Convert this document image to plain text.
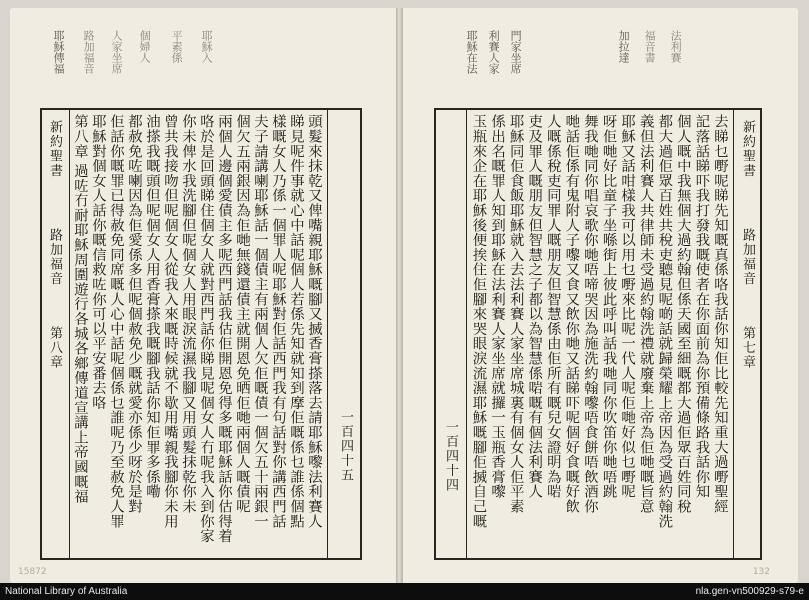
耶穌傳福 路加福音 人家坐席 個婦人 平素係 耶穌入
新約聖書
路加福音
第八章	頭髮來抹乾又俾嘴親耶穌嘅腳又搣香膏搽落去請耶穌嚟法利賽人
睇見呢件事就心中話呢個人若係先知就知到摩佢嘅係乜誰係個點
樣嘅女人乃係一個罪人呢耶穌對佢話西門我有句話對你講西門話
夫子請講喇耶穌話一個債主有兩個人欠佢嘅債一個欠五十兩銀一
個欠五兩銀因為佢哋無錢還債主就開恩免晒佢哋兩個人嘅債呢
兩個人邊個愛債主多呢西門話我估佢開恩免得多嘅耶穌話你估得着
咯於是回頭睇住個女人就對西門話你睇見呢個女人冇呢我入到你家
你未俾水我洗腳但呢個女人用眼淚流濕我腳又用頭髮抹乾你未
曾共我接吻但呢個女人從我入來嘅時候就不歇用嘴親我腳你未用
油搽我嘅頭但呢個女人用香膏搽我嘅腳我話你知佢罪多係嘞
都赦免咗喇因為佢愛係多但呢個赦免少嘅就愛亦係少呀於是對
佢話你嘅罪已得赦免同席嘅人心中話呢個係乜誰呢乃至赦免人罪
耶穌對個女人話你嘅信救咗你可以平安番去咯
第八章 過咗冇耐耶穌周圍遊行各城各鄉傳道宣講上帝國嘅福	一百四十五
15872
耶穌在法 利賽人家 門家坐席	加拉達 福音書 法利賽
一百四十四	去睇乜嘢呢睇先知嘅真係咯我話你知佢比較先知重大過嘢聖經
記落話睇吓我打發我嘅使者在你面前為你預備條路我話你知
個人嘅中我無個大過約翰但係天國至細嘅都大過佢眾百姓同稅
都大過佢眾百姓共稅吏聽見呢啲話就歸榮耀上帝因為受過約翰洗
義但法利賽人共律師未受過約翰洗禮就廢棄上帝為佢哋嘅旨意
耶穌又話咁樣我可以用乜嘢來比呢一代人呢佢哋好似乜嘢呢
呀佢哋好比童子坐喺街上彼此呼叫話我哋同你吹笛你哋唔跳
舞我哋同你唱哀歌你哋唔啼哭因為施洗約翰嚟唔食餅唔飲酒你
哋話佢係有鬼附人子嚟又食又飲你哋又話睇吓呢個好食嘅好飲
人嘅係稅吏同罪人嘅朋友但智慧係由佢所有嘅兒女證明為啱
吏及罪人嘅朋友但智慧之子都以為智慧係啱嘅有個法利賽人
耶穌同佢食飯耶穌就入去法利賽人家坐席城裏有個女人佢平素
係出名嘅罪人知到耶穌在法利賽人家坐席就攞一玉瓶香膏嚟
玉瓶來企在耶穌後便挨住佢腳來哭眼淚流濕耶穌嘅腳佢搣自己嘅	新約聖書
路加福音
第七章
132
National Library of Australia	nla.gen-vn500929-s79-e
